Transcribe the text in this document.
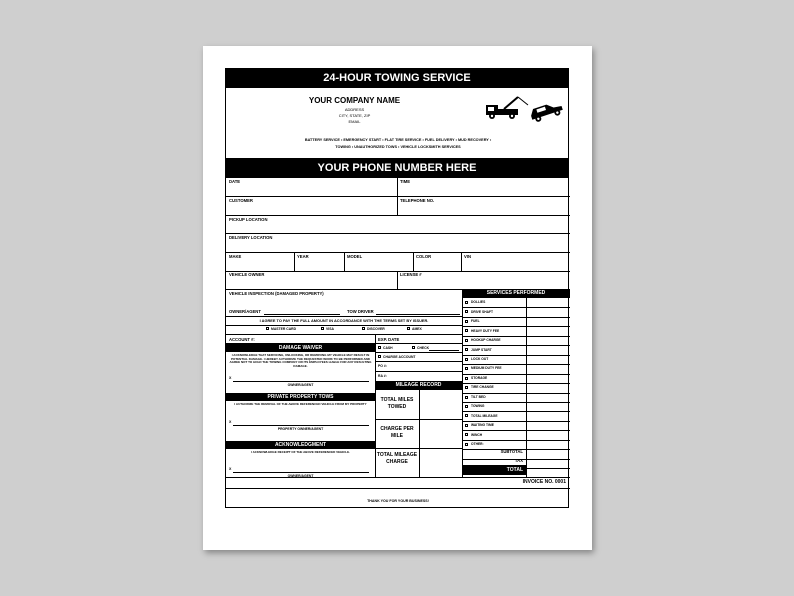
24-HOUR TOWING SERVICE
YOUR COMPANY NAME
ADDRESS
CITY, STATE, ZIP
EMAIL
BATTERY SERVICE • EMERGENCY START • FLAT TIRE SERVICE • FUEL DELIVERY • MUD RECOVERY •
TOWING • UNAUTHORIZED TOWS • VEHICLE LOCKSMITH SERVICES
YOUR PHONE NUMBER HERE
DATE	TIME
CUSTOMER	TELEPHONE NO.
PICKUP LOCATION
DELIVERY LOCATION
MAKE	YEAR	MODEL	COLOR	VIN
VEHICLE OWNER	LICENSE #
VEHICLE INSPECTION (DAMAGED PROPERTY)	SERVICES PERFORMED
DOLLIES
DRIVE SHAFT
FUEL
HEAVY DUTY FEE
HOOKUP CHARGE
JUMP START
LOCK OUT
MEDIUM DUTY FEE
STORAGE
TIRE CHANGE
TILT BED
TOWING
TOTAL MILEAGE
WAITING TIME
WINCH
OTHER:
OWNER/AGENT	TOW DRIVER
I AGREE TO PAY THE FULL AMOUNT IN ACCORDANCE WITH THE TERMS SET BY ISSUER.
MASTER CARD	VISA	DISCOVER	AMEX
ACCOUNT #:	EXP. DATE
DAMAGE WAIVER
I ACKNOWLEDGE THAT SERVICING, UNLOCKING, OR REMOVING MY VEHICLE MAY RESULT IN POTENTIAL DAMAGE. I HEREBY AUTHORIZE THE REQUESTED WORK TO BE PERFORMED AND AGREE NOT TO HOLD THE TOWING COMPANY OR ITS EMPLOYEES LIABLE FOR ANY RESULTING DAMAGE.
X
OWNER/AGENT
PRIVATE PROPERTY TOWS
I AUTHORIZE THE REMOVAL OF THE ABOVE REFERENCED VEHICLE FROM MY PROPERTY
X
PROPERTY OWNER/AGENT
ACKNOWLEDGMENT
I ACKNOWLEDGE RECEIPT OF THE ABOVE REFERENCED VEHICLE.
X
OWNER/AGENT
CASH	CHECK
CHARGE ACCOUNT
PO #:
RA #:
MILEAGE RECORD
TOTAL MILES TOWED
CHARGE PER MILE
TOTAL MILEAGE CHARGE
SUBTOTAL
TAX
TOTAL
INVOICE NO. 0001
THANK YOU FOR YOUR BUSINESS!
